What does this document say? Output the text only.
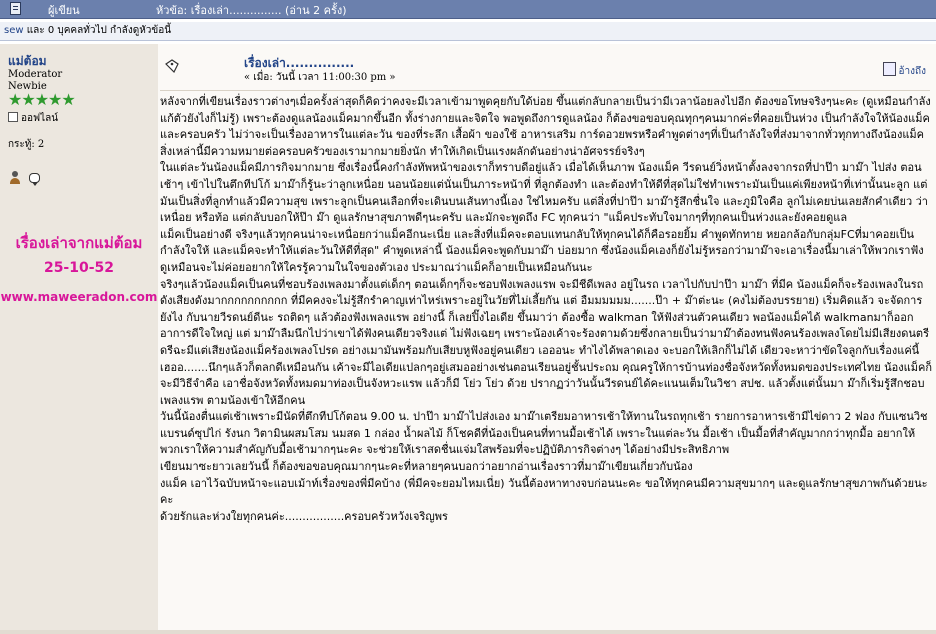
ผู้เขียน	หัวข้อ: เรื่องเล่า............... (อ่าน 2 ครั้ง)
sew และ 0 บุคคลทั่วไป กำลังดูหัวข้อนี้
แม่ต้อม
Moderator
Newbie
★★★★★
ออฟไลน์
กระทู้: 2

เรื่องเล่าจากแม่ต้อม
25-10-52
www.maweeradon.com
เรื่องเล่า...............
« เมื่อ: วันนี้ เวลา 11:00:30 pm »
อ้างถึง

หลังจากที่เขียนเรื่องราวต่างๆเมื่อครั้งล่าสุดก็คิดว่าคงจะมีเวลาเข้ามาพูดคุยกับใด้บ่อย ขึ้นแต่กลับกลายเป็นว่ามีเวลาน้อยลงไปอีก ต้องขอโทษจริงๆนะคะ (ดูเหมือนกำลังแก้ตัวยังไงก็ไม่รู้) เพราะต้องดูแลน้องแม็คมากขึ้นอีก ทั้งร่างกายและจิตใจ พอพูดถึงการดูแลน้อง ก็ต้องขอขอบคุณทุกๆคนมากค่ะที่คอยเป็นห่วง เป็นกำลังใจให้น้องแม็ค และครอบครัว ไม่ว่าจะเป็นเรื่องอาหารในแต่ละวัน ของที่ระลึก เสื้อผ้า ของใช้ อาหารเสริม การ์ดอวยพรหรือคำพูดต่างๆที่เป็นกำลังใจที่ส่งมาจากทั่วทุกทางถึงน้องแม็ค สิ่งเหล่านี้มีความหมายต่อครอบครัวของเรามากมายยิ่งนัก ทำให้เกิดเป็นแรงผลักดันอย่างน่าอัศจรรย์จริงๆ

ในแต่ละวันน้องแม็คมีภารกิจมากมาย ซึ่งเรื่องนี้คงกำลังทัพหน้าของเราก็ทราบดีอยู่แล้ว เมื่อได้เห็นภาพ น้องแม็ค วีรดนย์วิ่งหน้าตั้งลงจากรถที่ปาป๊า มาม๊า ไปส่ง ตอนเช้าๆ เข้าไปในตึกทีปโก้ มาม๊าก็รู้นะว่าลูกเหนื่อย นอนน้อยแต่นั่นเป็นภาระหน้าที่ ที่ลูกต้องทำ และต้องทำให้ดีที่สุดไม่ใช่ทำเพราะมันเป็นแค่เพียงหน้าที่เท่านั้นนะลูก แต่มันเป็นสิ่งที่ลูกทำแล้วมีความสุข เพราะลูกเป็นคนเลือกที่จะเดินบนเส้นทางนี้เอง ใช่ไหมครับ แต่สิ่งที่ปาป๊า มาม๊ารู้สึกชื่นใจ และภูมิใจคือ ลูกไม่เคยบ่นเลยสักคำเดียว ว่าเหนื่อย หรือท้อ แต่กลับบอกให้ป๊า ม๊า ดูแลรักษาสุขภาพดีๆนะครับ และมักจะพูดถึง FC ทุกคนว่า "แม็คประทับใจมากๆที่ทุกคนเป็นห่วงและยังคอยดูแล

แม็คเป็นอย่างดี จริงๆแล้วทุกคนน่าจะเหนื่อยกว่าแม็คอีกนะเนี่ย และสิ่งที่แม็คจะตอบแทนกลับให้ทุกคนได้ก็คือรอยยิ้ม คำพูดทักทาย หยอกล้อกับกลุ่มFCที่มาคอยเป็นกำลังใจให้ และแม็คจะทำให้แต่ละวันให้ดีที่สุด" คำพูดเหล่านี้ น้องแม็คจะพูดกับมาม๊า บ่อยมาก ซึ่งน้องแม็คเองก็ยังไม่รู้หรอกว่ามาม๊าจะเอาเรื่องนี้มาเล่าให้พวกเราฟัง ดูเหมือนจะไม่ค่อยอยากให้ใครรู้ความในใจของตัวเอง ประมาณว่าแม็คก็อายเป็นเหมือนกันนะ

จริงๆแล้วน้องแม็คเป็นคนที่ชอบร้องเพลงมาตั้งแต่เด็กๆ ตอนเด็กๆก็จะชอบฟังเพลงแรพ จะมีชีดีเพลง อยู่ในรถ เวลาไปกับปาป๊า มาม๊า ที่มีค น้องแม็คก็จะร้องเพลงในรถดังเสียงดังมากกกกกกกกกก ที่มีคคงจะไม่รู้สึกรำคาญเท่าไหร่เพราะอยู่ในวัยที่ไม่เลี้ยกัน แต่ อืมมมมมม.......ป๊า + ม๊าต่ะนะ (คงไม่ต้องบรรยาย) เริ่มคิดแล้ว จะจัดการยังไง กับนายวีรดนย์ดีนะ รถติดๆ แล้วต้องฟังเพลงแรพ อย่างนี้ ก็เลยปิ๊งไอเดีย ขึ้นมาว่า ต้องซื้อ walkman ให้ฟังส่วนตัวคนเดียว พอน้องแม็คได้ walkmanมาก็ออกอาการดีใจใหญ่ แต่ มาม๊าลืมนึกไปว่าเขาได้ฟังคนเดียวจริงแต่ ไม่ฟังเฉยๆ เพราะน้องเค้าจะร้องตามด้วยซึ่งกลายเป็นว่ามาม๊าต้องทนฟังคนร้องเพลงโดยไม่มีเสียงดนตรี

ดรีฉะมีแต่เสียงน้องแม็คร้องเพลงโปรด อย่างเมามันพร้อมกับเสียบหูฟังอยู่คนเดียว เอออนะ ทำไงได้พลาดเอง จะบอกให้เลิกก็ไม่ได้ เดียวจะหาว่าขัดใจลูกกับเรื่องแค่นี้ เฮออ.......นึกๆแล้วก็ตลกดีเหมือนกัน เค้าจะมีไอเดียแปลกๆอยู่เสมออย่างเช่นตอนเรียนอยู่ชั้นประถม คุณครูให้การบ้านท่องชื่อจังหวัดทั้งหมดของประเทศไทย น้องแม็คก็จะมีวิธีจำคือ เอาชื่อจังหวัดทั้งหมดมาท่องเป็นจังหวะแรพ แล้วก็มี โย่ว โย่ว ด้วย ปรากฏว่าวันนั้นวีรดนย์ได้คะแนนเต็มในวิชา สปช. แล้วตั้งแต่นั้นมา ม๊าก็เริ่มรู้สึกชอบเพลงแรพ ตามน้องเข้าให้อีกคน

วันนี้น้องตื่นแต่เช้าเพราะมีนัดที่ตึกทีปโก้ตอน 9.00 น. ปาป๊า มาม๊าไปส่งเอง มาม๊าเตรียมอาหารเช้าให้ทานในรถทุกเช้า รายการอาหารเช้ามีไข่ดาว 2 ฟอง กับแซนวิช แบรนด์ซุปไก่ รังนก วิตามินผสมโสม นมสด 1 กล่อง น้ำผลไม้ ก็โชคดีที่น้องเป็นคนที่ทานมื้อเช้าได้ เพราะในแต่ละวัน มื้อเช้า เป็นมื้อที่สำคัญมากกว่าทุกมื้อ อยากให้พวกเราให้ความสำคัญกับมื้อเช้ามากๆนะคะ จะช่วยให้เราสดชื่นแจ่มใสพร้อมที่จะปฏิบัติภารกิจต่างๆ ได้อย่างมีประสิทธิภาพ

เขียนมาซะยาวเลยวันนี้ ก็ต้องขอขอบคุณมากๆนะคะที่หลายๆคนบอกว่าอยากอ่านเรื่องราวที่มาม๊าเขียนเกี่ยวกับน้อง

งแม็ค เอาไว้ฉบับหน้าจะแอบเม้าท์เรื่องของพี่มีคบ้าง (พี่มีคจะยอมไหมเนี่ย) วันนี้ต้องหาทางจบก่อนนะคะ ขอให้ทุกคนมีความสุขมากๆ และดูแลรักษาสุขภาพกันด้วยนะคะ

ด้วยรักและห่วงใยทุกคนค่ะ.................ครอบครัวหวังเจริญพร
